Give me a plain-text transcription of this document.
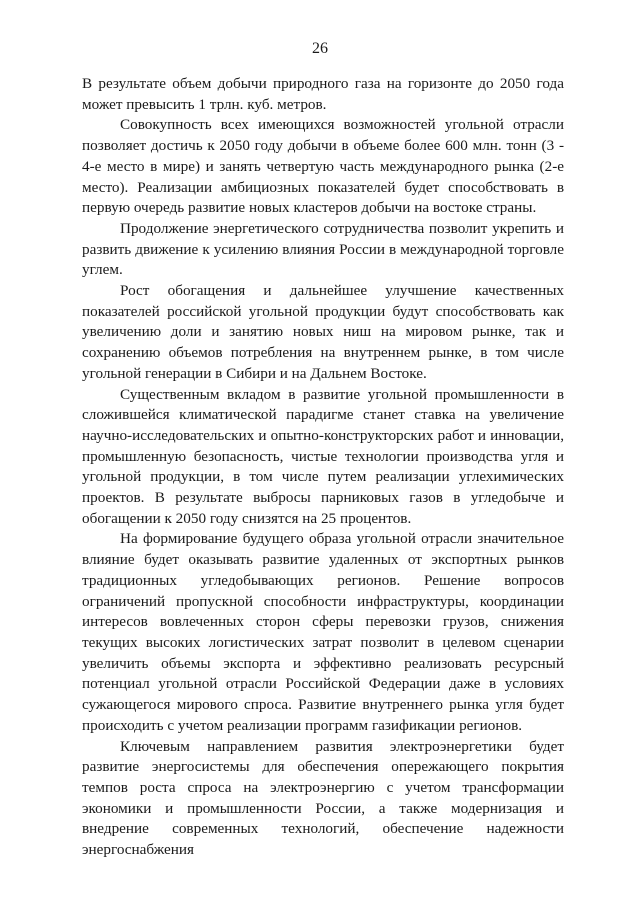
26

В результате объем добычи природного газа на горизонте до 2050 года может превысить 1 трлн. куб. метров.

Совокупность всех имеющихся возможностей угольной отрасли позволяет достичь к 2050 году добычи в объеме более 600 млн. тонн (3 - 4-е место в мире) и занять четвертую часть международного рынка (2-е место). Реализации амбициозных показателей будет способствовать в первую очередь развитие новых кластеров добычи на востоке страны.

Продолжение энергетического сотрудничества позволит укрепить и развить движение к усилению влияния России в международной торговле углем.

Рост обогащения и дальнейшее улучшение качественных показателей российской угольной продукции будут способствовать как увеличению доли и занятию новых ниш на мировом рынке, так и сохранению объемов потребления на внутреннем рынке, в том числе угольной генерации в Сибири и на Дальнем Востоке.

Существенным вкладом в развитие угольной промышленности в сложившейся климатической парадигме станет ставка на увеличение научно-исследовательских и опытно-конструкторских работ и инновации, промышленную безопасность, чистые технологии производства угля и угольной продукции, в том числе путем реализации углехимических проектов. В результате выбросы парниковых газов в угледобыче и обогащении к 2050 году снизятся на 25 процентов.

На формирование будущего образа угольной отрасли значительное влияние будет оказывать развитие удаленных от экспортных рынков традиционных угледобывающих регионов. Решение вопросов ограничений пропускной способности инфраструктуры, координации интересов вовлеченных сторон сферы перевозки грузов, снижения текущих высоких логистических затрат позволит в целевом сценарии увеличить объемы экспорта и эффективно реализовать ресурсный потенциал угольной отрасли Российской Федерации даже в условиях сужающегося мирового спроса. Развитие внутреннего рынка угля будет происходить с учетом реализации программ газификации регионов.

Ключевым направлением развития электроэнергетики будет развитие энергосистемы для обеспечения опережающего покрытия темпов роста спроса на электроэнергию с учетом трансформации экономики и промышленности России, а также модернизация и внедрение современных технологий, обеспечение надежности энергоснабжения
